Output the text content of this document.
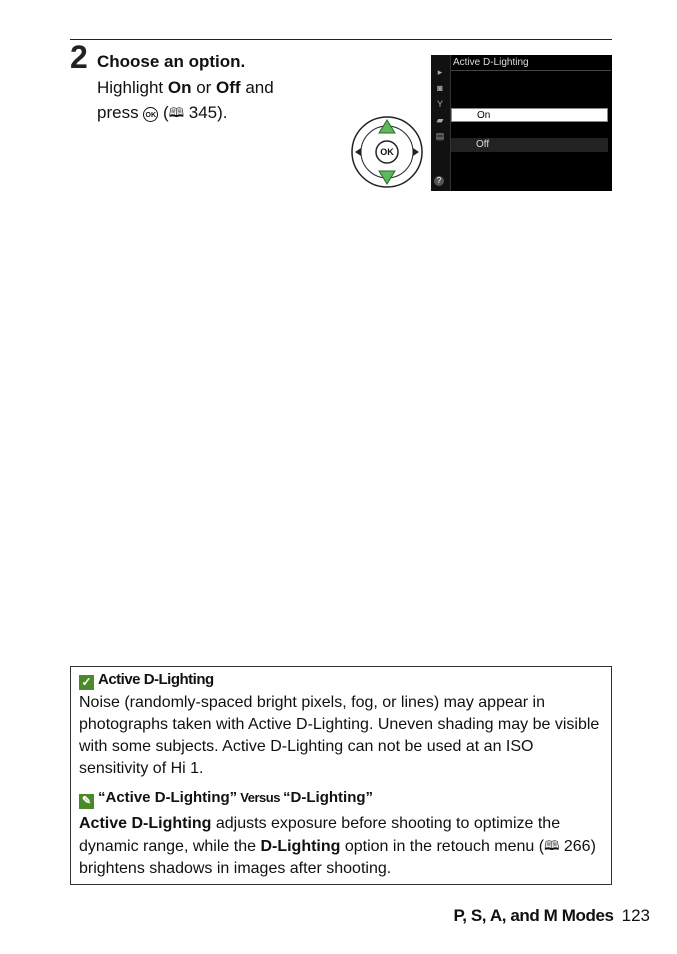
2 Choose an option.
Highlight On or Off and
press OK (🕮 345).
OK
▸
◙
Y
▰
▤
?
Active D-Lighting
On
Off
✓ Active D-Lighting
Noise (randomly-spaced bright pixels, fog, or lines) may appear in photographs taken with Active D-Lighting. Uneven shading may be visible with some subjects. Active D-Lighting can not be used at an ISO sensitivity of Hi 1.
✎ “Active D-Lighting” Versus “D-Lighting”
Active D-Lighting adjusts exposure before shooting to optimize the dynamic range, while the D-Lighting option in the retouch menu (🕮 266) brightens shadows in images after shooting.
P, S, A, and M Modes 123
